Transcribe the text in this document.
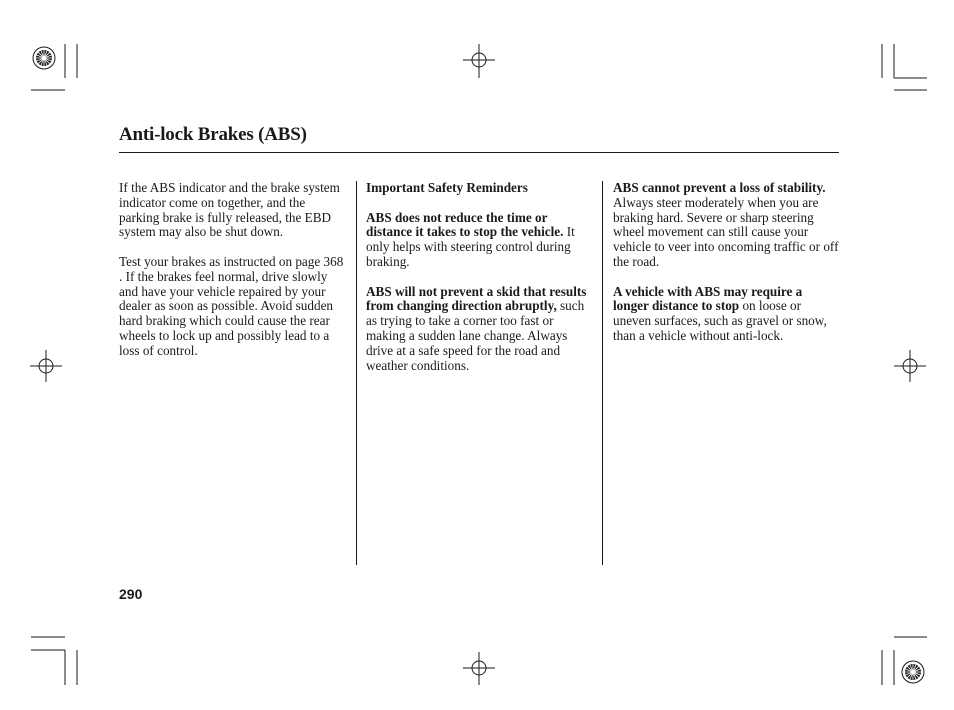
Anti-lock Brakes (ABS)

If the ABS indicator and the brake system indicator come on together, and the parking brake is fully released, the EBD system may also be shut down.

Test your brakes as instructed on page 368 . If the brakes feel normal, drive slowly and have your vehicle repaired by your dealer as soon as possible. Avoid sudden hard braking which could cause the rear wheels to lock up and possibly lead to a loss of control.

Important Safety Reminders

ABS does not reduce the time or distance it takes to stop the vehicle. It only helps with steering control during braking.

ABS will not prevent a skid that results from changing direction abruptly, such as trying to take a corner too fast or making a sudden lane change. Always drive at a safe speed for the road and weather conditions.

ABS cannot prevent a loss of stability. Always steer moderately when you are braking hard. Severe or sharp steering wheel movement can still cause your vehicle to veer into oncoming traffic or off the road.

A vehicle with ABS may require a longer distance to stop on loose or uneven surfaces, such as gravel or snow, than a vehicle without anti-lock.

290
